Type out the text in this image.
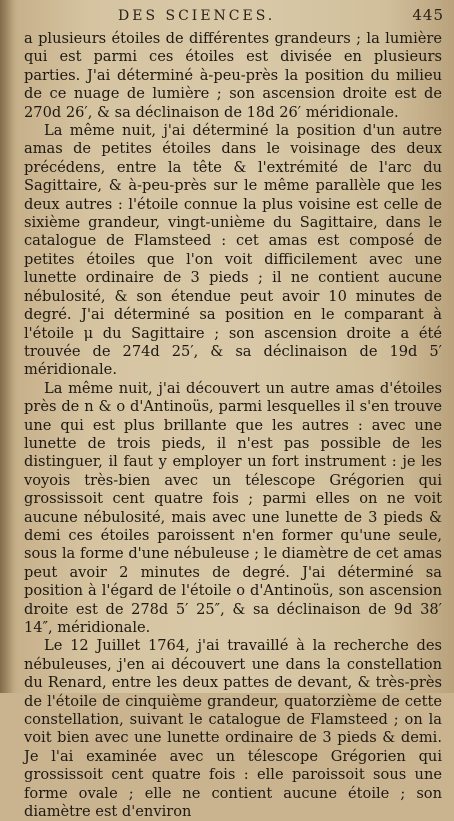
DES SCIENCES.	445

a plusieurs étoiles de différentes grandeurs ; la lumière qui est parmi ces étoiles est divisée en plusieurs parties. J'ai déterminé à-peu-près la position du milieu de ce nuage de lumière ; son ascension droite est de 270d 26′, & sa déclinaison de 18d 26′ méridionale.

La même nuit, j'ai déterminé la position d'un autre amas de petites étoiles dans le voisinage des deux précédens, entre la tête & l'extrémité de l'arc du Sagittaire, & à-peu-près sur le même parallèle que les deux autres : l'étoile connue la plus voisine est celle de sixième grandeur, vingt-unième du Sagittaire, dans le catalogue de Flamsteed : cet amas est composé de petites étoiles que l'on voit difficilement avec une lunette ordinaire de 3 pieds ; il ne contient aucune nébulosité, & son étendue peut avoir 10 minutes de degré. J'ai déterminé sa position en le comparant à l'étoile μ du Sagittaire ; son ascension droite a été trouvée de 274d 25′, & sa déclinaison de 19d 5′ méridionale.

La même nuit, j'ai découvert un autre amas d'étoiles près de n & o d'Antinoüs, parmi lesquelles il s'en trouve une qui est plus brillante que les autres : avec une lunette de trois pieds, il n'est pas possible de les distinguer, il faut y employer un fort instrument : je les voyois très-bien avec un télescope Grégorien qui grossissoit cent quatre fois ; parmi elles on ne voit aucune nébulosité, mais avec une lunette de 3 pieds & demi ces étoiles paroissent n'en former qu'une seule, sous la forme d'une nébuleuse ; le diamètre de cet amas peut avoir 2 minutes de degré. J'ai déterminé sa position à l'égard de l'étoile o d'Antinoüs, son ascension droite est de 278d 5′ 25″, & sa déclinaison de 9d 38′ 14″, méridionale.

Le 12 Juillet 1764, j'ai travaillé à la recherche des nébuleuses, j'en ai découvert une dans la constellation du Renard, entre les deux pattes de devant, & très-près de l'étoile de cinquième grandeur, quatorzième de cette constellation, suivant le catalogue de Flamsteed ; on la voit bien avec une lunette ordinaire de 3 pieds & demi. Je l'ai examinée avec un télescope Grégorien qui grossissoit cent quatre fois : elle paroissoit sous une forme ovale ; elle ne contient aucune étoile ; son diamètre est d'environ
